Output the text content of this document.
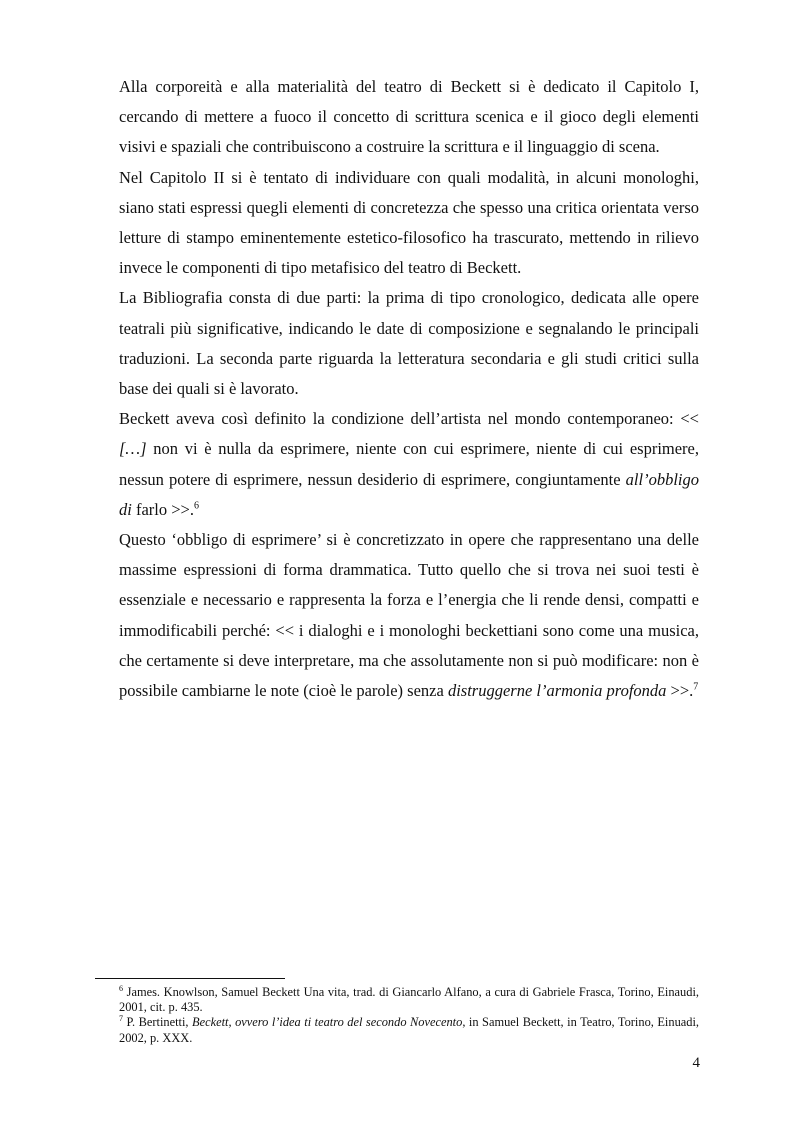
Alla corporeità e alla materialità del teatro di Beckett si è dedicato il Capitolo I, cercando di mettere a fuoco il concetto di scrittura scenica e il gioco degli elementi visivi e spaziali che contribuiscono a costruire la scrittura e il linguaggio di scena.

Nel Capitolo II si è tentato di individuare con quali modalità, in alcuni monologhi, siano stati espressi quegli elementi di concretezza che spesso una critica orientata verso letture di stampo eminentemente estetico-filosofico ha trascurato, mettendo in rilievo invece le componenti di tipo metafisico del teatro di Beckett.

La Bibliografia consta di due parti: la prima di tipo cronologico, dedicata alle opere teatrali più significative, indicando le date di composizione e segnalando le principali traduzioni. La seconda parte riguarda la letteratura secondaria e gli studi critici sulla base dei quali si è lavorato.

Beckett aveva così definito la condizione dell’artista nel mondo contemporaneo: << […] non vi è nulla da esprimere, niente con cui esprimere, niente di cui esprimere, nessun potere di esprimere, nessun desiderio di esprimere, congiuntamente all’obbligo di farlo >>.$^6$

Questo ‘obbligo di esprimere’ si è concretizzato in opere che rappresentano una delle massime espressioni di forma drammatica. Tutto quello che si trova nei suoi testi è essenziale e necessario e rappresenta la forza e l’energia che li rende densi, compatti e immodificabili perché: << i dialoghi e i monologhi beckettiani sono come una musica, che certamente si deve interpretare, ma che assolutamente non si può modificare: non è possibile cambiarne le note (cioè le parole) senza distruggerne l’armonia profonda >>.$^7$

$^6$ James. Knowlson, Samuel Beckett Una vita, trad. di Giancarlo Alfano, a cura di Gabriele Frasca, Torino, Einaudi, 2001, cit. p. 435.

$^7$ P. Bertinetti, Beckett, ovvero l’idea ti teatro del secondo Novecento, in Samuel Beckett, in Teatro, Torino, Einuadi, 2002, p. XXX.

4
